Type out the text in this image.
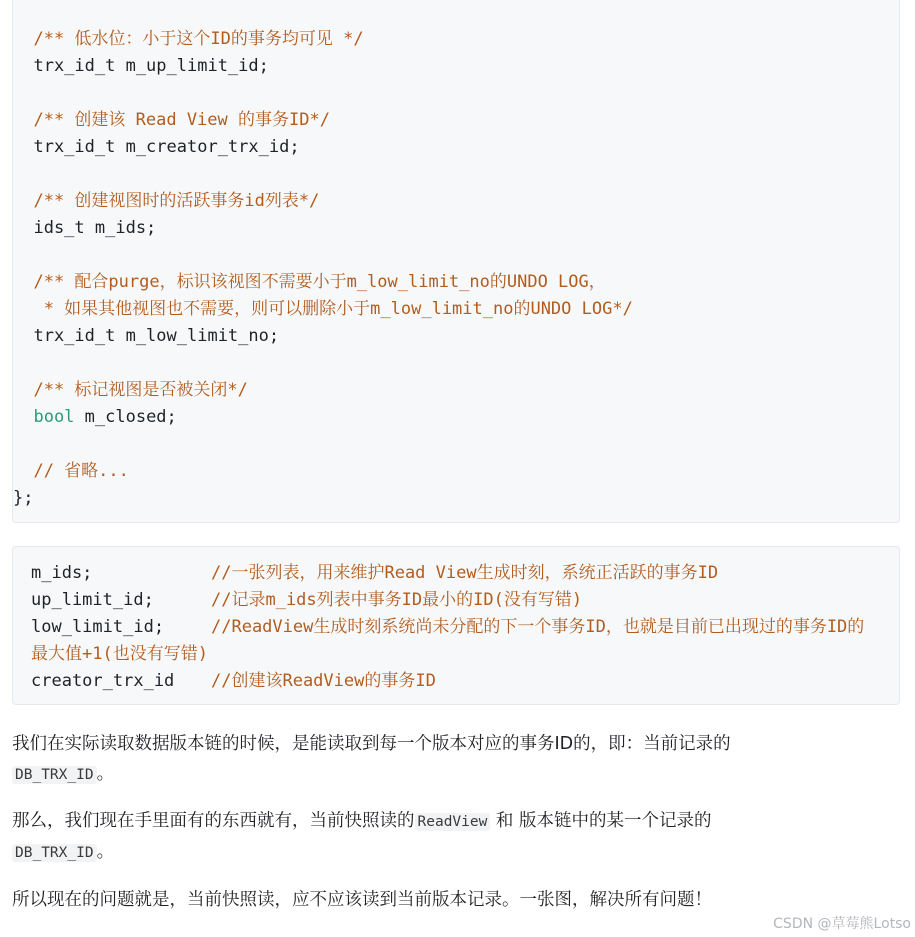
/** 低水位：小于这个ID的事务均可见 */
trx_id_t m_up_limit_id;
/** 创建该 Read View 的事务ID*/
trx_id_t m_creator_trx_id;
/** 创建视图时的活跃事务id列表*/
ids_t m_ids;
/** 配合purge，标识该视图不需要小于m_low_limit_no的UNDO LOG，
* 如果其他视图也不需要，则可以删除小于m_low_limit_no的UNDO LOG*/
trx_id_t m_low_limit_no;
/** 标记视图是否被关闭*/
bool m_closed;
// 省略...
};
m_ids;	//一张列表，用来维护Read View生成时刻，系统正活跃的事务ID
up_limit_id;	//记录m_ids列表中事务ID最小的ID(没有写错)
low_limit_id;	//ReadView生成时刻系统尚未分配的下一个事务ID，也就是目前已出现过的事务ID的
最大值+1(也没有写错)
creator_trx_id //创建该ReadView的事务ID
我们在实际读取数据版本链的时候，是能读取到每一个版本对应的事务ID的，即：当前记录的
DB_TRX_ID 。
那么，我们现在手里面有的东西就有，当前快照读的 ReadView 和 版本链中的某一个记录的
DB_TRX_ID 。
所以现在的问题就是，当前快照读，应不应该读到当前版本记录。一张图，解决所有问题！
CSDN @草莓熊Lotso
